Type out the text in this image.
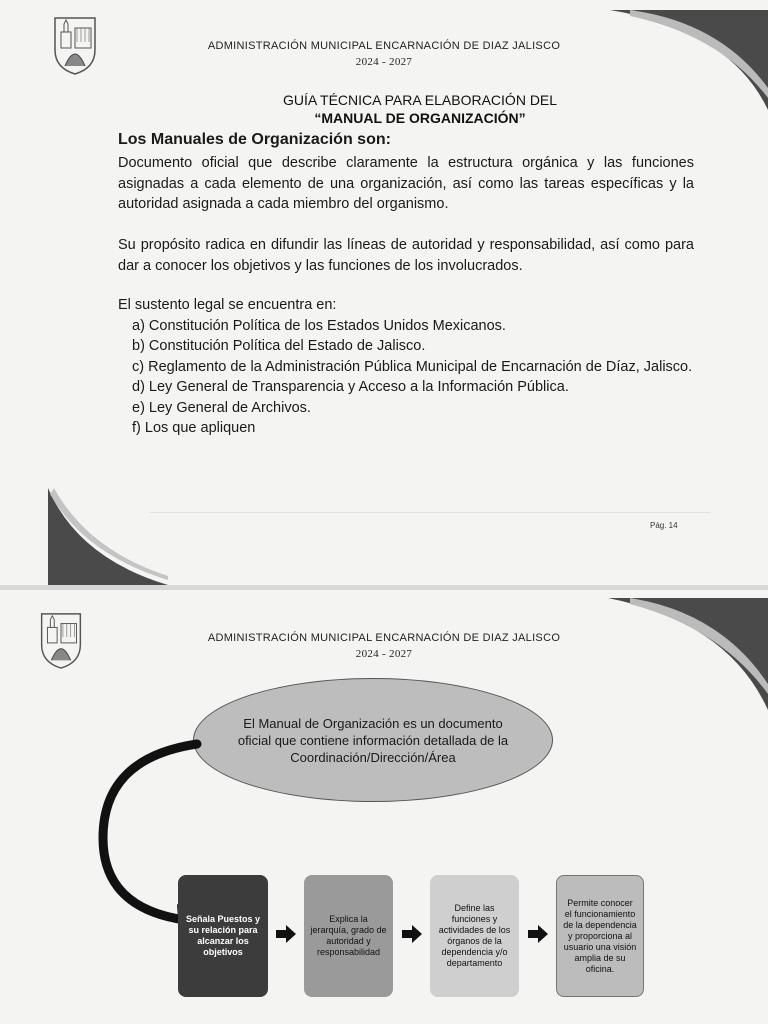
ADMINISTRACIÓN MUNICIPAL ENCARNACIÓN DE DIAZ JALISCO
2024 - 2027
GUÍA TÉCNICA PARA ELABORACIÓN DEL
“MANUAL DE ORGANIZACIÓN”
Los Manuales de Organización son:
Documento oficial que describe claramente la estructura orgánica y las funciones asignadas a cada elemento de una organización, así como las tareas específicas y la autoridad asignada a cada miembro del organismo.
Su propósito radica en difundir las líneas de autoridad y responsabilidad, así como para dar a conocer los objetivos y las funciones de los involucrados.
El sustento legal se encuentra en:
a) Constitución Política de los Estados Unidos Mexicanos.
b) Constitución Política del Estado de Jalisco.
c) Reglamento de la Administración Pública Municipal de Encarnación de Díaz, Jalisco.
d) Ley General de Transparencia y Acceso a la Información Pública.
e) Ley General de Archivos.
f) Los que apliquen
Pág. 14
ADMINISTRACIÓN MUNICIPAL ENCARNACIÓN DE DIAZ JALISCO
2024 - 2027
El Manual de Organización es un documento oficial que contiene información detallada de la Coordinación/Dirección/Área
Señala Puestos y su relación para alcanzar los objetivos
Explica la jerarquía, grado de autoridad y responsabilidad
Define las funciones y actividades de los órganos de la dependencia y/o departamento
Permite conocer el funcionamiento de la dependencia y proporciona al usuario una visión amplia de su oficina.
